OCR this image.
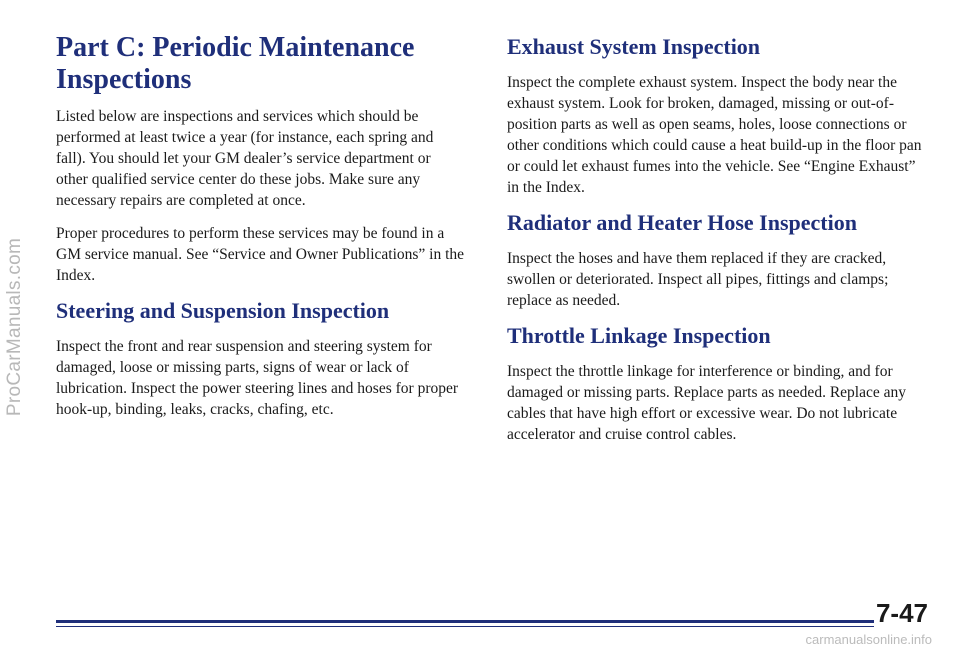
ProCarManuals.com
Part C: Periodic Maintenance Inspections

Listed below are inspections and services which should be performed at least twice a year (for instance, each spring and fall). You should let your GM dealer’s service department or other qualified service center do these jobs. Make sure any necessary repairs are completed at once.

Proper procedures to perform these services may be found in a GM service manual. See “Service and Owner Publications” in the Index.

Steering and Suspension Inspection

Inspect the front and rear suspension and steering system for damaged, loose or missing parts, signs of wear or lack of lubrication. Inspect the power steering lines and hoses for proper hook-up, binding, leaks, cracks, chafing, etc.

Exhaust System Inspection

Inspect the complete exhaust system. Inspect the body near the exhaust system. Look for broken, damaged, missing or out-of-position parts as well as open seams, holes, loose connections or other conditions which could cause a heat build-up in the floor pan or could let exhaust fumes into the vehicle. See “Engine Exhaust” in the Index.

Radiator and Heater Hose Inspection

Inspect the hoses and have them replaced if they are cracked, swollen or deteriorated. Inspect all pipes, fittings and clamps; replace as needed.

Throttle Linkage Inspection

Inspect the throttle linkage for interference or binding, and for damaged or missing parts. Replace parts as needed. Replace any cables that have high effort or excessive wear. Do not lubricate accelerator and cruise control cables.

7-47
carmanualsonline.info
